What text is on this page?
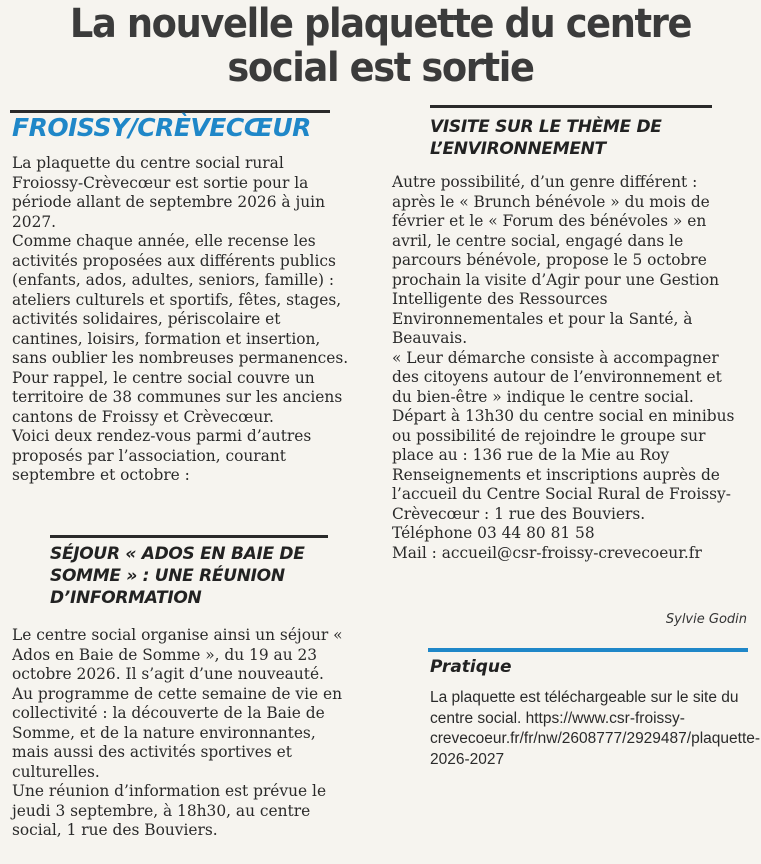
La nouvelle plaquette du centre
social est sortie
FROISSY/CRÈVECŒUR

La plaquette du centre social rural Froiossy-Crèvecœur est sortie pour la période allant de septembre 2026 à juin 2027.

Comme chaque année, elle recense les activités proposées aux différents publics (enfants, ados, adultes, seniors, famille) : ateliers culturels et sportifs, fêtes, stages, activités solidaires, périscolaire et cantines, loisirs, formation et insertion, sans oublier les nombreuses permanences.

Pour rappel, le centre social couvre un territoire de 38 communes sur les anciens cantons de Froissy et Crèvecœur.

Voici deux rendez-vous parmi d’autres proposés par l’association, courant septembre et octobre :

SÉJOUR « ADOS EN BAIE DE
SOMME » : UNE RÉUNION
D’INFORMATION

Le centre social organise ainsi un séjour « Ados en Baie de Somme », du 19 au 23 octobre 2026. Il s’agit d’une nouveauté.

Au programme de cette semaine de vie en collectivité : la découverte de la Baie de Somme, et de la nature environnantes, mais aussi des activités sportives et culturelles.

Une réunion d’information est prévue le jeudi 3 septembre, à 18h30, au centre social, 1 rue des Bouviers.

VISITE SUR LE THÈME DE
L’ENVIRONNEMENT

Autre possibilité, d’un genre différent : après le « Brunch bénévole » du mois de février et le « Forum des bénévoles » en avril, le centre social, engagé dans le parcours bénévole, propose le 5 octobre prochain la visite d’Agir pour une Gestion Intelligente des Ressources Environnementales et pour la Santé, à Beauvais.

« Leur démarche consiste à accompagner des citoyens autour de l’environnement et du bien-être » indique le centre social.

Départ à 13h30 du centre social en minibus ou possibilité de rejoindre le groupe sur place au : 136 rue de la Mie au Roy

Renseignements et inscriptions auprès de l’accueil du Centre Social Rural de Froissy-Crèvecœur : 1 rue des Bouviers.

Téléphone 03 44 80 81 58

Mail : accueil@csr-froissy-crevecoeur.fr

Sylvie Godin
Pratique
La plaquette est téléchargeable sur le site du centre social. https://www.csr-froissy-crevecoeur.fr/fr/nw/2608777/2929487/plaquette-2026-2027
